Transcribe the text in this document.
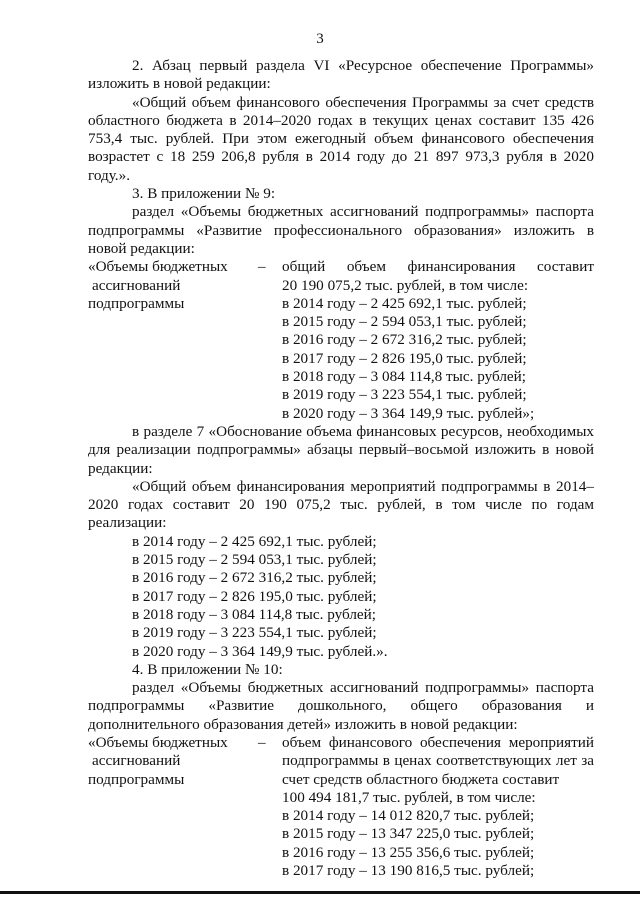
3

2. Абзац первый раздела VI «Ресурсное обеспечение Программы» изложить в новой редакции:

«Общий объем финансового обеспечения Программы за счет средств областного бюджета в 2014–2020 годах в текущих ценах составит 135 426 753,4 тыс. рублей. При этом ежегодный объем финансового обеспечения возрастет с 18 259 206,8 рубля в 2014 году до 21 897 973,3 рубля в 2020 году.».

3. В приложении № 9:

раздел «Объемы бюджетных ассигнований подпрограммы» паспорта подпрограммы «Развитие профессионального образования» изложить в новой редакции:

«Объемы бюджетных
ассигнований
подпрограммы
–	общий объем финансирования составит
20 190 075,2 тыс. рублей, в том числе:
в 2014 году – 2 425 692,1 тыс. рублей;
в 2015 году – 2 594 053,1 тыс. рублей;
в 2016 году – 2 672 316,2 тыс. рублей;
в 2017 году – 2 826 195,0 тыс. рублей;
в 2018 году – 3 084 114,8 тыс. рублей;
в 2019 году – 3 223 554,1 тыс. рублей;
в 2020 году – 3 364 149,9 тыс. рублей»;

в разделе 7 «Обоснование объема финансовых ресурсов, необходимых для реализации подпрограммы» абзацы первый–восьмой изложить в новой редакции:

«Общий объем финансирования мероприятий подпрограммы в 2014–2020 годах составит 20 190 075,2 тыс. рублей, в том числе по годам реализации:

в 2014 году – 2 425 692,1 тыс. рублей;

в 2015 году – 2 594 053,1 тыс. рублей;

в 2016 году – 2 672 316,2 тыс. рублей;

в 2017 году – 2 826 195,0 тыс. рублей;

в 2018 году – 3 084 114,8 тыс. рублей;

в 2019 году – 3 223 554,1 тыс. рублей;

в 2020 году – 3 364 149,9 тыс. рублей.».

4. В приложении № 10:

раздел «Объемы бюджетных ассигнований подпрограммы» паспорта подпрограммы «Развитие дошкольного, общего образования и дополнительного образования детей» изложить в новой редакции:

«Объемы бюджетных
ассигнований
подпрограммы
–	объем финансового обеспечения мероприятий подпрограммы в ценах соответствующих лет за счет средств областного бюджета составит
100 494 181,7 тыс. рублей, в том числе:
в 2014 году – 14 012 820,7 тыс. рублей;
в 2015 году – 13 347 225,0 тыс. рублей;
в 2016 году – 13 255 356,6 тыс. рублей;
в 2017 году – 13 190 816,5 тыс. рублей;
